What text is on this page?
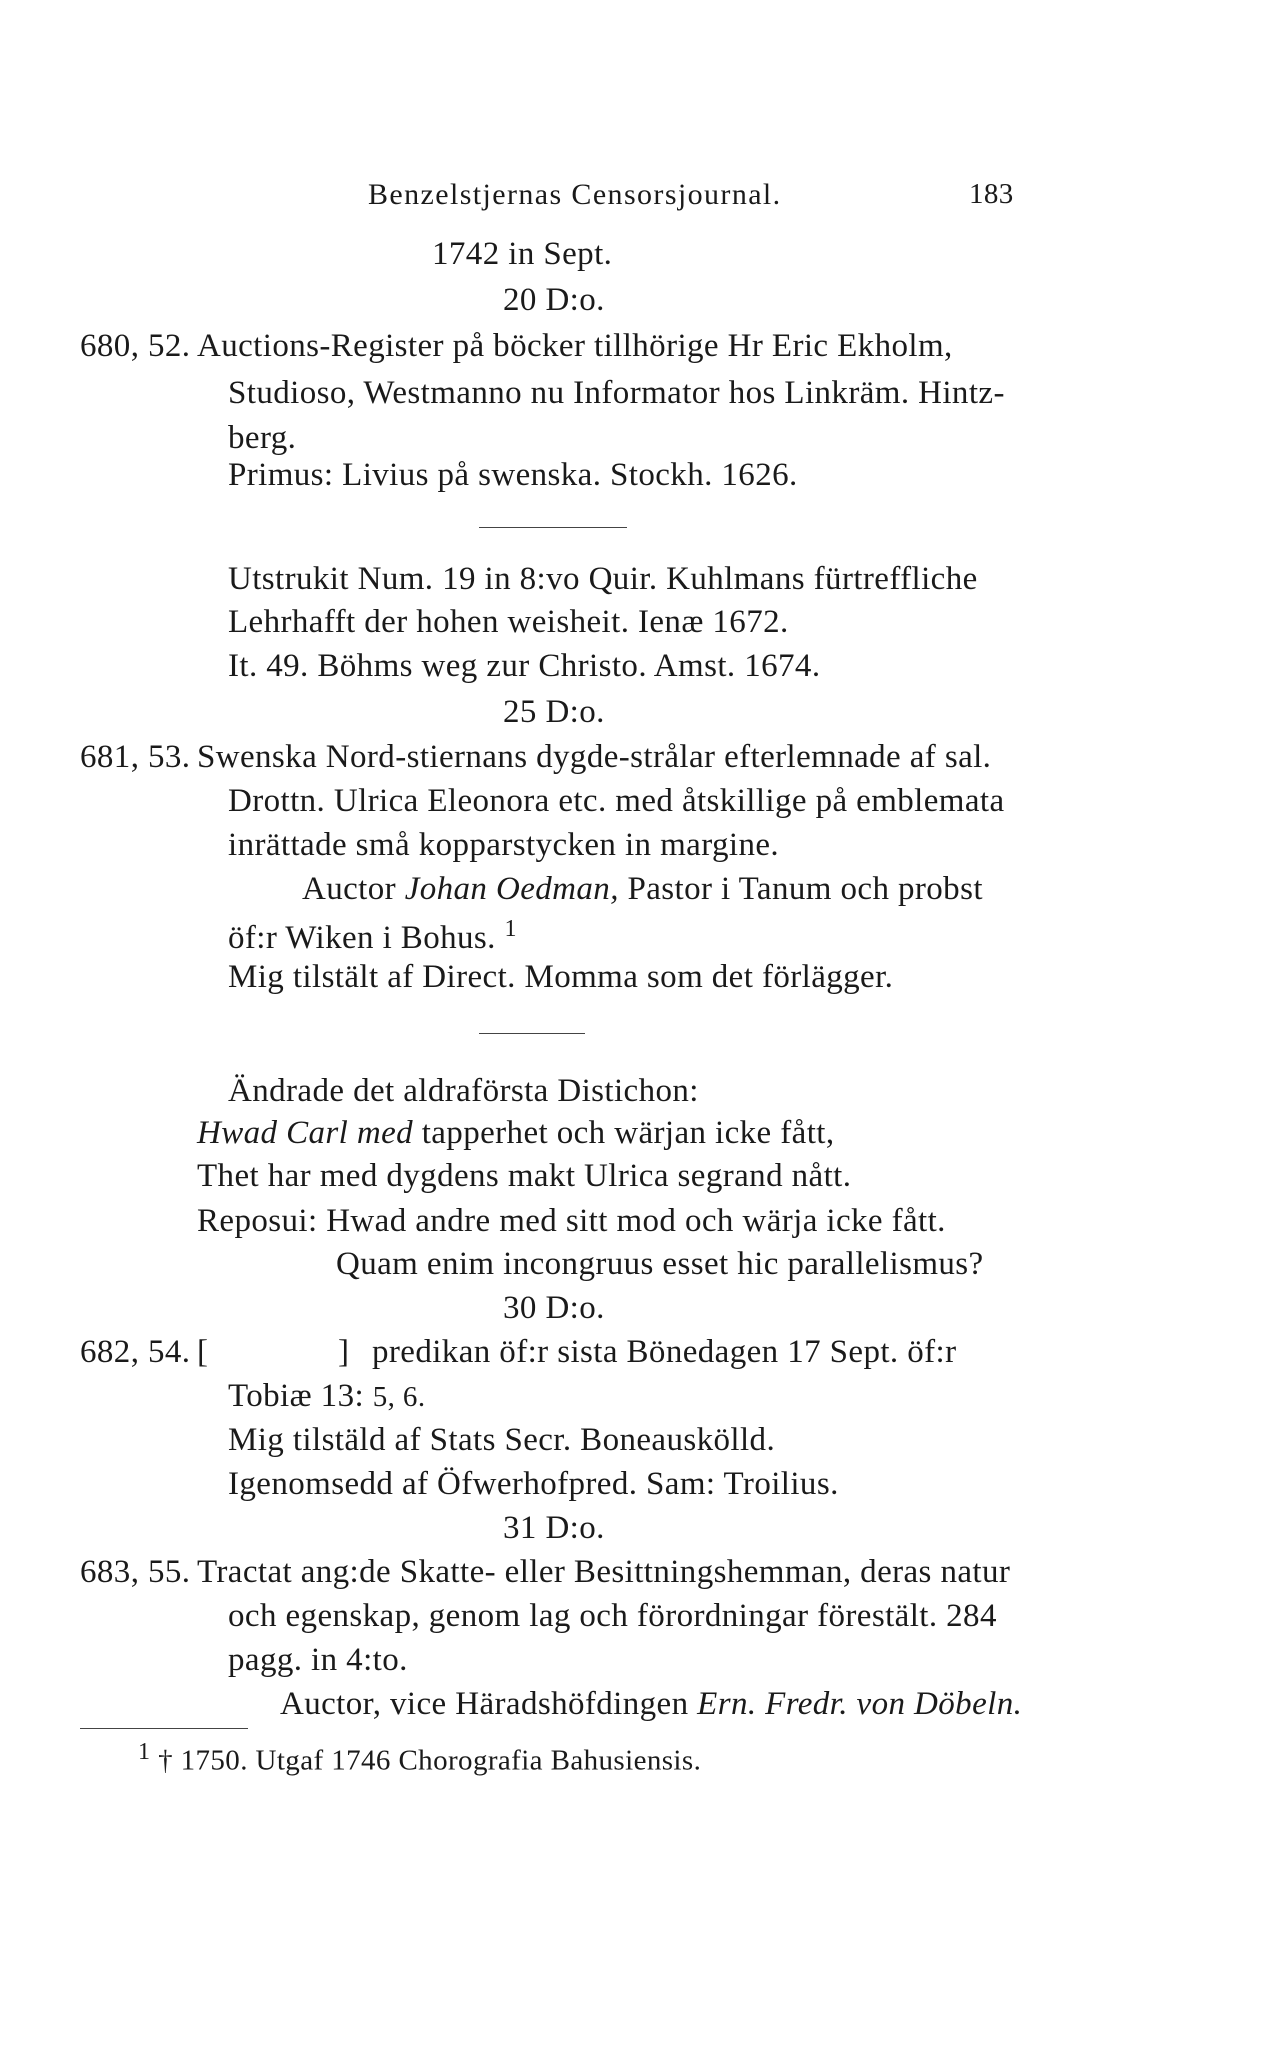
Benzelstjernas Censorsjournal.	183
1742 in Sept.
20 D:o.
680, 52. Auctions-Register på böcker tillhörige Hr Eric Ekholm,
Studioso, Westmanno nu Informator hos Linkräm. Hintz-
berg.
Primus: Livius på swenska. Stockh. 1626.
Utstrukit Num. 19 in 8:vo Quir. Kuhlmans fürtreffliche
Lehrhafft der hohen weisheit. Ienæ 1672.
It. 49. Böhms weg zur Christo. Amst. 1674.
25 D:o.
681, 53. Swenska Nord-stiernans dygde-strålar efterlemnade af sal.
Drottn. Ulrica Eleonora etc. med åtskillige på emblemata
inrättade små kopparstycken in margine.
Auctor Johan Oedman, Pastor i Tanum och probst
öf:r Wiken i Bohus. $^1$
Mig tilstält af Direct. Momma som det förlägger.
Ändrade det aldraförsta Distichon:
Hwad Carl med tapperhet och wärjan icke fått,
Thet har med dygdens makt Ulrica segrand nått.
Reposui: Hwad andre med sitt mod och wärja icke fått.
Quam enim incongruus esset hic parallelismus?
30 D:o.
682, 54. [	] predikan öf:r sista Bönedagen 17 Sept. öf:r
Tobiæ 13: 5, 6.
Mig tilstäld af Stats Secr. Boneauskölld.
Igenomsedd af Öfwerhofpred. Sam: Troilius.
31 D:o.
683, 55. Tractat ang:de Skatte- eller Besittningshemman, deras natur
och egenskap, genom lag och förordningar förestält. 284
pagg. in 4:to.
Auctor, vice Häradshöfdingen Ern. Fredr. von Döbeln.
$^1$ † 1750. Utgaf 1746 Chorografia Bahusiensis.
